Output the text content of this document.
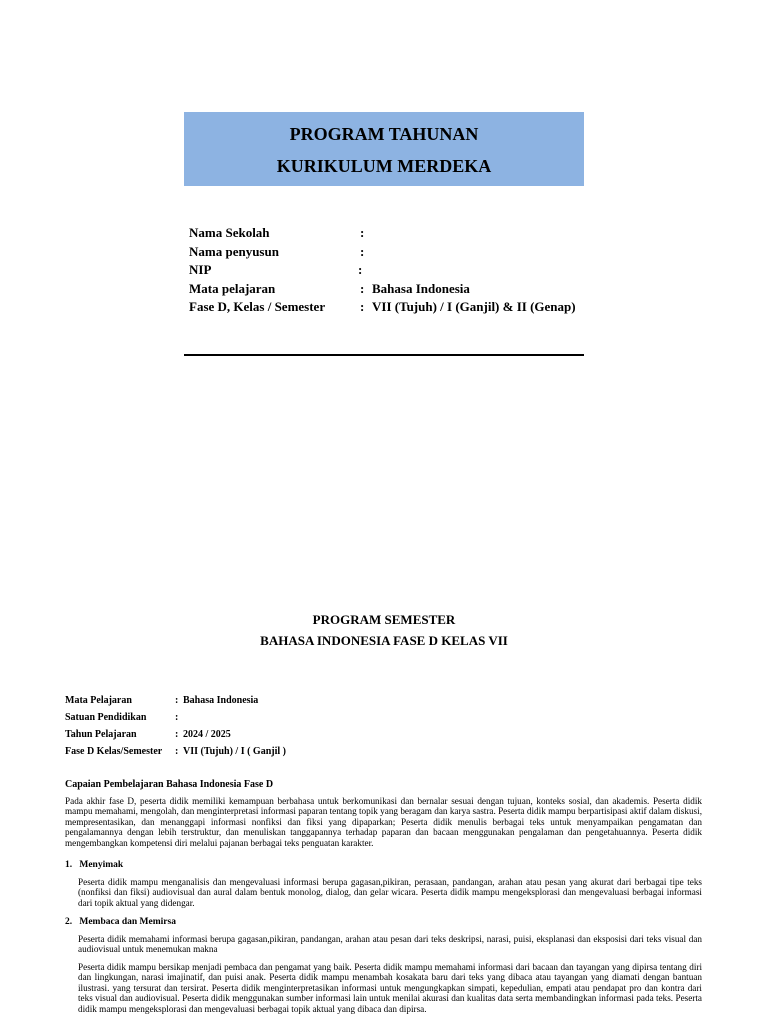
PROGRAM TAHUNAN
KURIKULUM MERDEKA
Nama Sekolah	:
Nama penyusun	:
NIP	:
Mata pelajaran	: Bahasa Indonesia
Fase D, Kelas / Semester	: VII (Tujuh) / I (Ganjil) & II (Genap)
PROGRAM SEMESTER
BAHASA INDONESIA FASE D KELAS VII
Mata Pelajaran	: Bahasa Indonesia
Satuan Pendidikan	:
Tahun Pelajaran	: 2024 / 2025
Fase D Kelas/Semester : VII (Tujuh) / I ( Ganjil )
Capaian Pembelajaran Bahasa Indonesia Fase D

Pada akhir fase D, peserta didik memiliki kemampuan berbahasa untuk berkomunikasi dan bernalar sesuai dengan tujuan, konteks sosial, dan akademis. Peserta didik mampu memahami, mengolah, dan menginterpretasi informasi paparan tentang topik yang beragam dan karya sastra. Peserta didik mampu berpartisipasi aktif dalam diskusi, mempresentasikan, dan menanggapi informasi nonfiksi dan fiksi yang dipaparkan; Peserta didik menulis berbagai teks untuk menyampaikan pengamatan dan pengalamannya dengan lebih terstruktur, dan menuliskan tanggapannya terhadap paparan dan bacaan menggunakan pengalaman dan pengetahuannya. Peserta didik mengembangkan kompetensi diri melalui pajanan berbagai teks penguatan karakter.

1. Menyimak

Peserta didik mampu menganalisis dan mengevaluasi informasi berupa gagasan,pikiran, perasaan, pandangan, arahan atau pesan yang akurat dari berbagai tipe teks (nonfiksi dan fiksi) audiovisual dan aural dalam bentuk monolog, dialog, dan gelar wicara. Peserta didik mampu mengeksplorasi dan mengevaluasi berbagai informasi dari topik aktual yang didengar.

2. Membaca dan Memirsa

Peserta didik memahami informasi berupa gagasan,pikiran, pandangan, arahan atau pesan dari teks deskripsi, narasi, puisi, eksplanasi dan eksposisi dari teks visual dan audiovisual untuk menemukan makna

Peserta didik mampu bersikap menjadi pembaca dan pengamat yang baik. Peserta didik mampu memahami informasi dari bacaan dan tayangan yang dipirsa tentang diri dan lingkungan, narasi imajinatif, dan puisi anak. Peserta didik mampu menambah kosakata baru dari teks yang dibaca atau tayangan yang diamati dengan bantuan ilustrasi. yang tersurat dan tersirat. Peserta didik menginterpretasikan informasi untuk mengungkapkan simpati, kepedulian, empati atau pendapat pro dan kontra dari teks visual dan audiovisual. Peserta didik menggunakan sumber informasi lain untuk menilai akurasi dan kualitas data serta membandingkan informasi pada teks. Peserta didik mampu mengeksplorasi dan mengevaluasi berbagai topik aktual yang dibaca dan dipirsa.
